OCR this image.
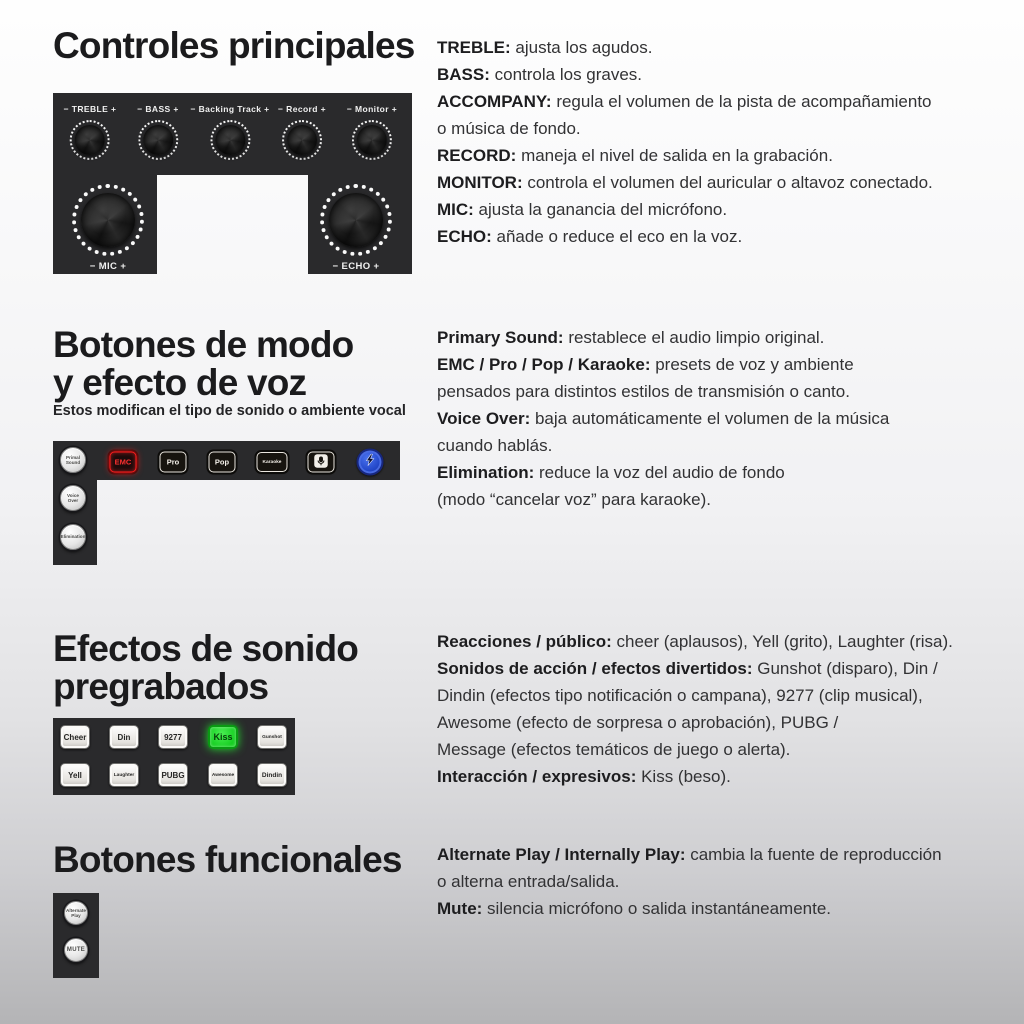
Controles principales
− TREBLE + − BASS + − Backing Track + − Record + − Monitor +
− MIC +	− ECHO +

TREBLE: ajusta los agudos.

BASS: controla los graves.

ACCOMPANY: regula el volumen de la pista de acompañamiento

o música de fondo.

RECORD: maneja el nivel de salida en la grabación.

MONITOR: controla el volumen del auricular o altavoz conectado.

MIC: ajusta la ganancia del micrófono.

ECHO: añade o reduce el eco en la voz.

Botones de modo
y efecto de voz
Estos modifican el tipo de sonido o ambiente vocal
Primal
Sound
Voice
Over
Elimination
EMC	Pro	Pop	Karaoke

Primary Sound: restablece el audio limpio original.

EMC / Pro / Pop / Karaoke: presets de voz y ambiente

pensados para distintos estilos de transmisión o canto.

Voice Over: baja automáticamente el volumen de la música

cuando hablás.

Elimination: reduce la voz del audio de fondo

(modo “cancelar voz” para karaoke).

Efectos de sonido
pregrabados
Cheer	Din	9277	Kiss	Gunshot
Yell	Laughter	PUBG	Awesome	Dindin

Reacciones / público: cheer (aplausos), Yell (grito), Laughter (risa).

Sonidos de acción / efectos divertidos: Gunshot (disparo), Din /

Dindin (efectos tipo notificación o campana), 9277 (clip musical),

Awesome (efecto de sorpresa o aprobación), PUBG /

Message (efectos temáticos de juego o alerta).

Interacción / expresivos: Kiss (beso).

Botones funcionales
Alternate
Play
MUTE

Alternate Play / Internally Play: cambia la fuente de reproducción

o alterna entrada/salida.

Mute: silencia micrófono o salida instantáneamente.
